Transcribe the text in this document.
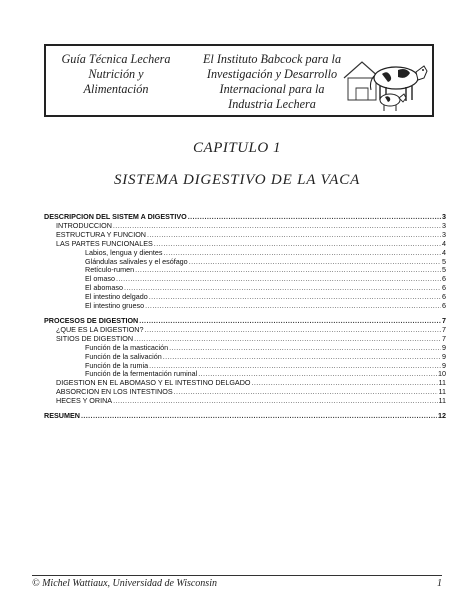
Guía Técnica Lechera
Nutrición y
Alimentación
El Instituto Babcock para la
Investigación y Desarrollo
Internacional para la
Industria Lechera
CAPITULO 1
SISTEMA DIGESTIVO DE LA VACA
DESCRIPCION DEL SISTEM A DIGESTIVO .....	3
INTRODUCCION .....	3
ESTRUCTURA Y FUNCION .....	3
LAS PARTES FUNCIONALES .....	4
Labios, lengua y dientes .....	4
Glándulas salivales y el esófago .....	5
Retículo-rumen .....	5
El omaso .....	6
El abomaso .....	6
El intestino delgado .....	6
El intestino grueso .....	6
PROCESOS DE DIGESTION .....	7
¿QUE ES LA DIGESTION? .....	7
SITIOS DE DIGESTION .....	7
Función de la masticación .....	9
Función de la salivación .....	9
Función de la rumia .....	9
Función de la fermentación ruminal .....	10
DIGESTION EN EL ABOMASO Y EL INTESTINO DELGADO .....	11
ABSORCION EN LOS INTESTINOS .....	11
HECES Y ORINA .....	11
RESUMEN .....	12
© Michel Wattiaux, Universidad de Wisconsin	1
